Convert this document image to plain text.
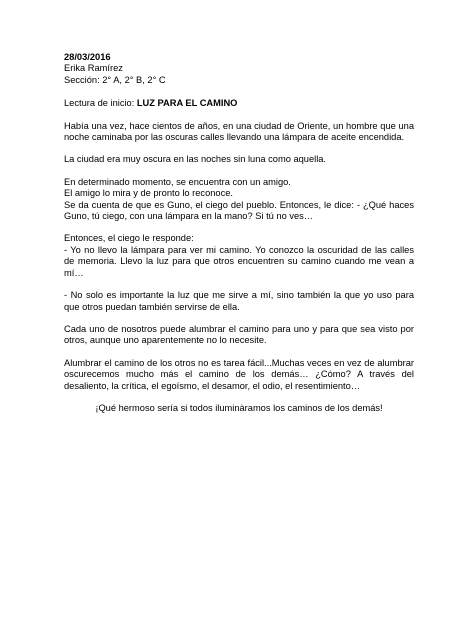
28/03/2016

Erika Ramírez

Sección: 2° A, 2° B, 2° C

Lectura de inicio: LUZ PARA EL CAMINO

Había una vez, hace cientos de años, en una ciudad de Oriente, un hombre que una noche caminaba por las oscuras calles llevando una lámpara de aceite encendida.

La ciudad era muy oscura en las noches sin luna como aquella.

En determinado momento, se encuentra con un amigo.
El amigo lo mira y de pronto lo reconoce.
Se da cuenta de que es Guno, el ciego del pueblo. Entonces, le dice: - ¿Qué haces Guno, tú ciego, con una lámpara en la mano? Si tú no ves…
Entonces, el ciego le responde:
- Yo no llevo la lámpara para ver mi camino. Yo conozco la oscuridad de las calles de memoria. Llevo la luz para que otros encuentren su camino cuando me vean a mí…

- No solo es importante la luz que me sirve a mí, sino también la que yo uso para que otros puedan también servirse de ella.

Cada uno de nosotros puede alumbrar el camino para uno y para que sea visto por otros, aunque uno aparentemente no lo necesite.

Alumbrar el camino de los otros no es tarea fácil...Muchas veces en vez de alumbrar oscurecemos mucho más el camino de los demás… ¿Cómo? A través del desaliento, la crítica, el egoísmo, el desamor, el odio, el resentimiento…

¡Qué hermoso sería si todos iluminàramos los caminos de los demás!
